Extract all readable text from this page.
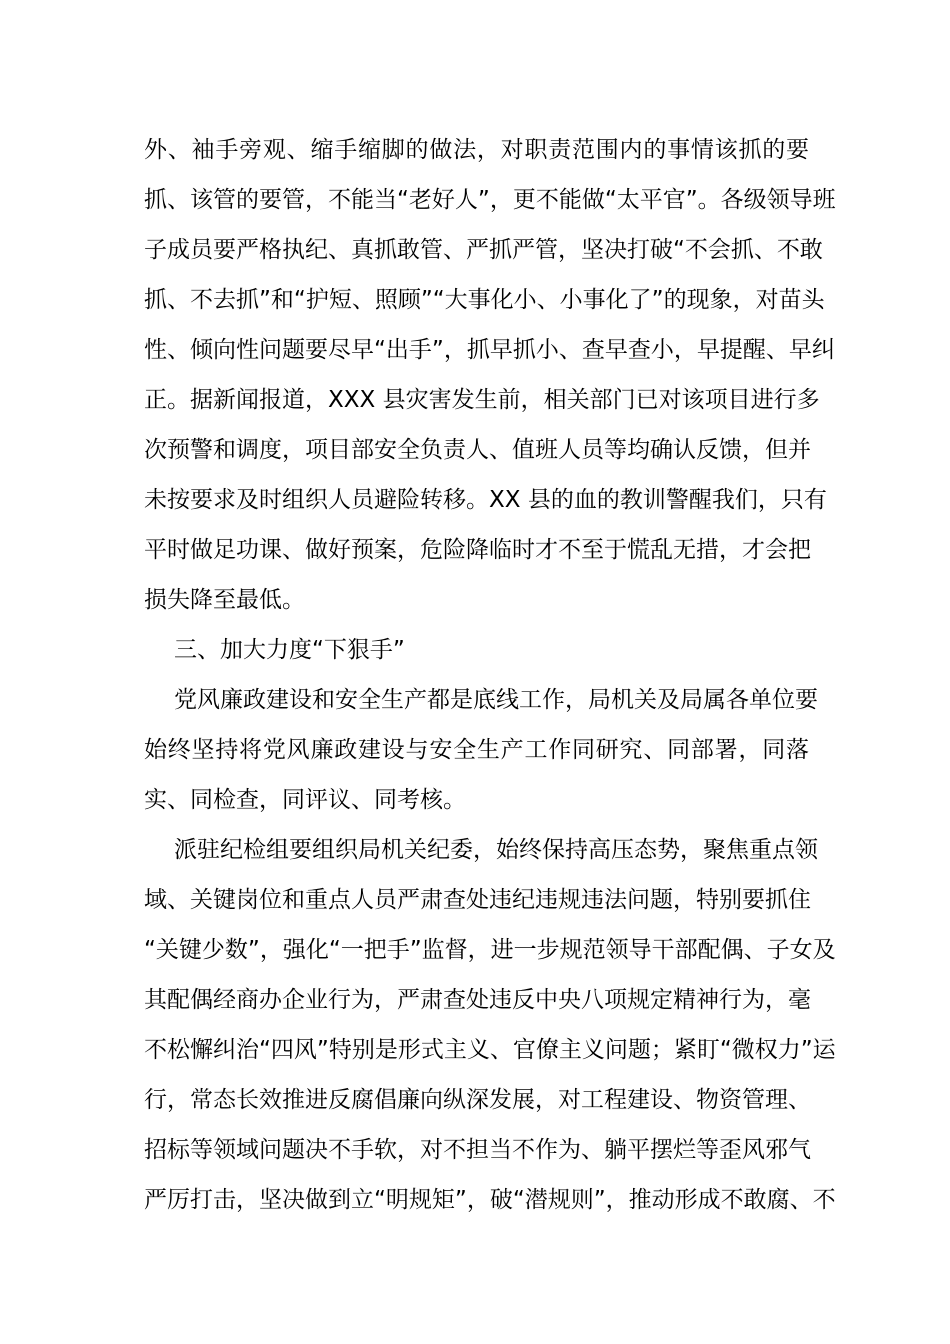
外、袖手旁观、缩手缩脚的做法，对职责范围内的事情该抓的要
抓、该管的要管，不能当“老好人”，更不能做“太平官”。各级领导班
子成员要严格执纪、真抓敢管、严抓严管，坚决打破“不会抓、不敢
抓、不去抓”和“护短、照顾”“大事化小、小事化了”的现象，对苗头
性、倾向性问题要尽早“出手”，抓早抓小、查早查小，早提醒、早纠
正。据新闻报道，XXX 县灾害发生前，相关部门已对该项目进行多
次预警和调度，项目部安全负责人、值班人员等均确认反馈，但并
未按要求及时组织人员避险转移。XX 县的血的教训警醒我们，只有
平时做足功课、做好预案，危险降临时才不至于慌乱无措，才会把
损失降至最低。
三、加大力度“下狠手”
党风廉政建设和安全生产都是底线工作，局机关及局属各单位要
始终坚持将党风廉政建设与安全生产工作同研究、同部署，同落
实、同检查，同评议、同考核。
派驻纪检组要组织局机关纪委，始终保持高压态势，聚焦重点领
域、关键岗位和重点人员严肃查处违纪违规违法问题，特别要抓住
“关键少数”，强化“一把手”监督，进一步规范领导干部配偶、子女及
其配偶经商办企业行为，严肃查处违反中央八项规定精神行为，毫
不松懈纠治“四风”特别是形式主义、官僚主义问题；紧盯“微权力”运
行，常态长效推进反腐倡廉向纵深发展，对工程建设、物资管理、
招标等领域问题决不手软，对不担当不作为、躺平摆烂等歪风邪气
严厉打击，坚决做到立“明规矩”，破“潜规则”，推动形成不敢腐、不
